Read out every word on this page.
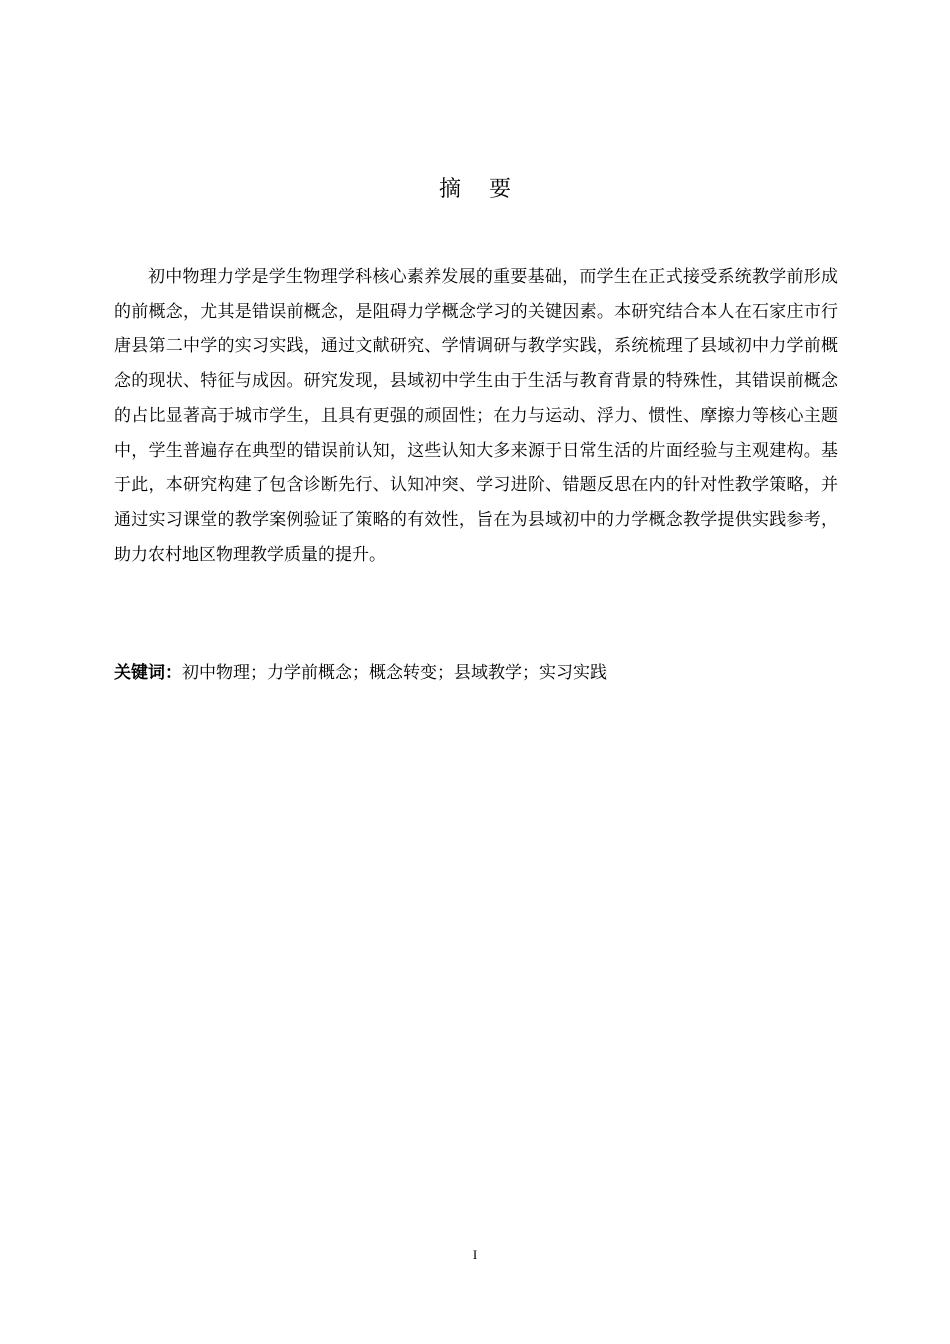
摘 要

初中物理力学是学生物理学科核心素养发展的重要基础，而学生在正式接受系统教学前形成的前概念，尤其是错误前概念，是阻碍力学概念学习的关键因素。本研究结合本人在石家庄市行唐县第二中学的实习实践，通过文献研究、学情调研与教学实践，系统梳理了县域初中力学前概念的现状、特征与成因。研究发现，县域初中学生由于生活与教育背景的特殊性，其错误前概念的占比显著高于城市学生，且具有更强的顽固性；在力与运动、浮力、惯性、摩擦力等核心主题中，学生普遍存在典型的错误前认知，这些认知大多来源于日常生活的片面经验与主观建构。基于此，本研究构建了包含诊断先行、认知冲突、学习进阶、错题反思在内的针对性教学策略，并通过实习课堂的教学案例验证了策略的有效性，旨在为县域初中的力学概念教学提供实践参考，助力农村地区物理教学质量的提升。

关键词：初中物理；力学前概念；概念转变；县域教学；实习实践

I
